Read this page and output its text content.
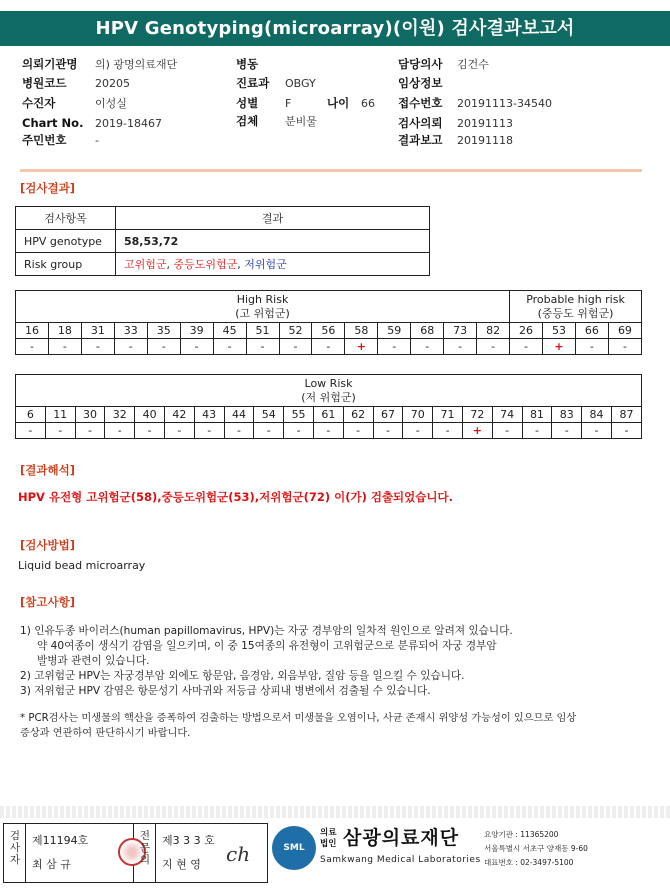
HPV Genotyping(microarray)(이원) 검사결과보고서
의뢰기관명 의) 광명의료재단
병원코드	20205
수진자	이성실
Chart No. 2019-18467
주민번호	-
병동
진료과 OBGY
성별 F	나이 66
검체 분비물
담당의사 김건수
임상정보
접수번호 20191113-34540
검사의뢰 20191113
결과보고 20191118
[검사결과]
검사항목	결과
HPV genotype	58,53,72
Risk group	고위험군, 중등도위험군, 저위험군
High Risk
(고 위험군)															Probable high risk
(중등도 위험군)			
16	18	31	33	35	39	45	51	52	56	58	59	68	73	82	26	53	66	69
-	-	-	-	-	-	-	-	-	-	+	-	-	-	-	-	+	-	-
Low Risk
(저 위험군)																				
6	11	30	32	40	42	43	44	54	55	61	62	67	70	71	72	74	81	83	84	87
-	-	-	-	-	-	-	-	-	-	-	-	-	-	-	+	-	-	-	-	-
[결과해석]
HPV 유전형 고위험군(58),중등도위험군(53),저위험군(72) 이(가) 검출되었습니다.
[검사방법]
Liquid bead microarray
[참고사항]
1) 인유두종 바이러스(human papillomavirus, HPV)는 자궁 경부암의 일차적 원인으로 알려져 있습니다.
약 40여종이 생식기 감염을 일으키며, 이 중 15여종의 유전형이 고위험군으로 분류되어 자궁 경부암
발병과 관련이 있습니다.
2) 고위험군 HPV는 자궁경부암 외에도 항문암, 음경암, 외음부암, 질암 등을 일으킬 수 있습니다.
3) 저위험군 HPV 감염은 항문성기 사마귀와 저등급 상피내 병변에서 검출될 수 있습니다.
* PCR검사는 미생물의 핵산을 증폭하여 검출하는 방법으로서 미생물을 오염이나, 사균 존재시 위양성 가능성이 있으므로 임상
증상과 연관하여 판단하시기 바랍니다.
검
사
자
제11194호
최 삼 규
전
문
의
제3 3 3 호
지 현 영 ch	SML
의료
법인 삼광의료재단
Samkwang Medical Laboratories
요양기관 : 11365200
서울특별시 서초구 양재동 9-60
대표번호 : 02-3497-5100
